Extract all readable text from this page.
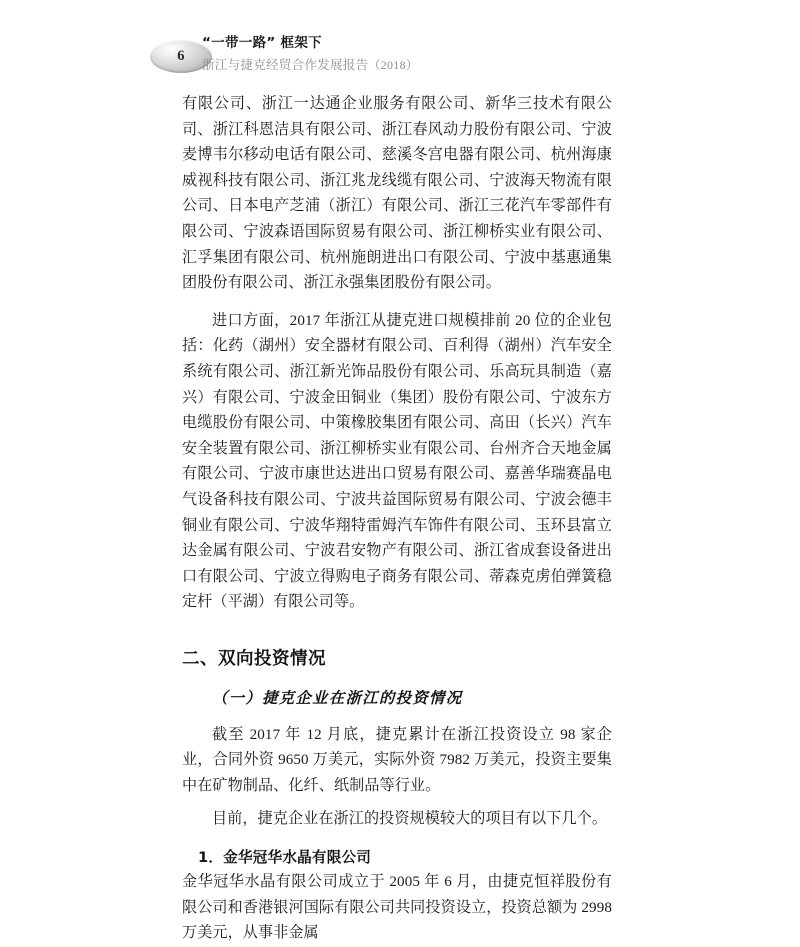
6
“一带一路” 框架下
浙江与捷克经贸合作发展报告（2018）

有限公司、浙江一达通企业服务有限公司、新华三技术有限公司、浙江科恩洁具有限公司、浙江春风动力股份有限公司、宁波麦博韦尔移动电话有限公司、慈溪冬宫电器有限公司、杭州海康威视科技有限公司、浙江兆龙线缆有限公司、宁波海天物流有限公司、日本电产芝浦（浙江）有限公司、浙江三花汽车零部件有限公司、宁波森语国际贸易有限公司、浙江柳桥实业有限公司、汇孚集团有限公司、杭州施朗进出口有限公司、宁波中基惠通集团股份有限公司、浙江永强集团股份有限公司。

进口方面，2017 年浙江从捷克进口规模排前 20 位的企业包括：化药（湖州）安全器材有限公司、百利得（湖州）汽车安全系统有限公司、浙江新光饰品股份有限公司、乐高玩具制造（嘉兴）有限公司、宁波金田铜业（集团）股份有限公司、宁波东方电缆股份有限公司、中策橡胶集团有限公司、高田（长兴）汽车安全装置有限公司、浙江柳桥实业有限公司、台州齐合天地金属有限公司、宁波市康世达进出口贸易有限公司、嘉善华瑞赛晶电气设备科技有限公司、宁波共益国际贸易有限公司、宁波会德丰铜业有限公司、宁波华翔特雷姆汽车饰件有限公司、玉环县富立达金属有限公司、宁波君安物产有限公司、浙江省成套设备进出口有限公司、宁波立得购电子商务有限公司、蒂森克虏伯弹簧稳定杆（平湖）有限公司等。

二、双向投资情况
（一）捷克企业在浙江的投资情况

截至 2017 年 12 月底，捷克累计在浙江投资设立 98 家企业，合同外资 9650 万美元，实际外资 7982 万美元，投资主要集中在矿物制品、化纤、纸制品等行业。

目前，捷克企业在浙江的投资规模较大的项目有以下几个。

1．金华冠华水晶有限公司

金华冠华水晶有限公司成立于 2005 年 6 月，由捷克恒祥股份有限公司和香港银河国际有限公司共同投资设立，投资总额为 2998 万美元，从事非金属
